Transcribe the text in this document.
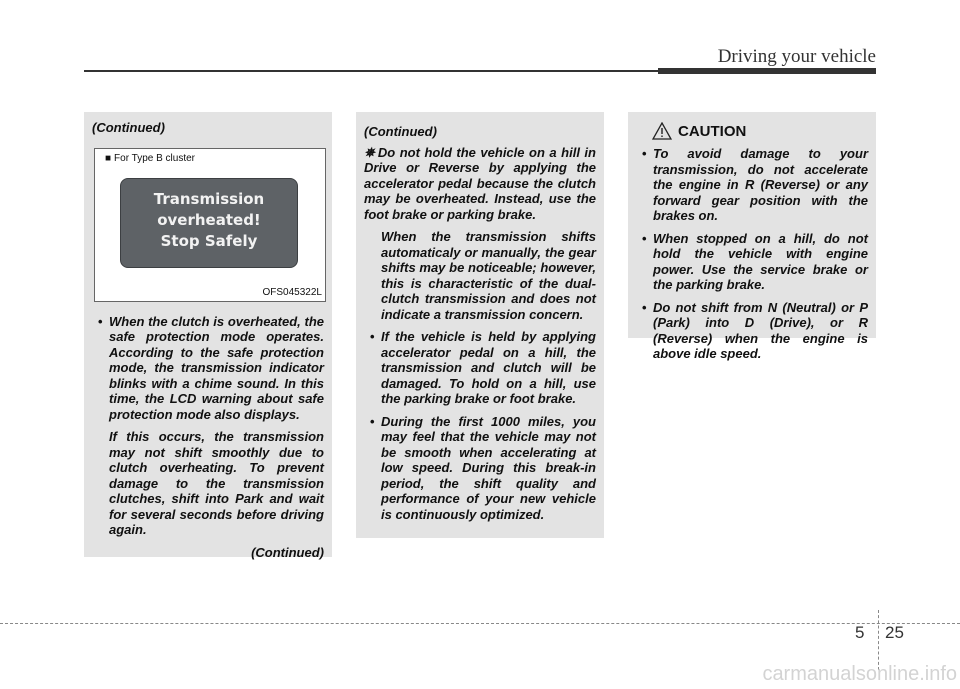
Driving your vehicle
(Continued)
■ For Type B cluster
Transmission
overheated!
Stop Safely
OFS045322L
• When the clutch is overheated, the safe protection mode operates. According to the safe protection mode, the transmission indicator blinks with a chime sound. In this time, the LCD warning about safe protection mode also displays.
If this occurs, the transmission may not shift smoothly due to clutch overheating. To prevent damage to the transmission clutches, shift into Park and wait for several seconds before driving again.
(Continued)
(Continued)
✵ Do not hold the vehicle on a hill in Drive or Reverse by applying the accelerator pedal because the clutch may be overheated. Instead, use the foot brake or parking brake.
When the transmission shifts automaticaly or manually, the gear shifts may be noticeable; however, this is characteristic of the dual-clutch transmission and does not indicate a transmission concern.
• If the vehicle is held by applying accelerator pedal on a hill, the transmission and clutch will be damaged. To hold on a hill, use the parking brake or foot brake.
• During the first 1000 miles, you may feel that the vehicle may not be smooth when accelerating at low speed. During this break-in period, the shift quality and performance of your new vehicle is continuously optimized.
CAUTION
• To avoid damage to your transmission, do not accelerate the engine in R (Reverse) or any forward gear position with the brakes on.
• When stopped on a hill, do not hold the vehicle with engine power. Use the service brake or the parking brake.
• Do not shift from N (Neutral) or P (Park) into D (Drive), or R (Reverse) when the engine is above idle speed.
5 25
carmanualsonline.info
